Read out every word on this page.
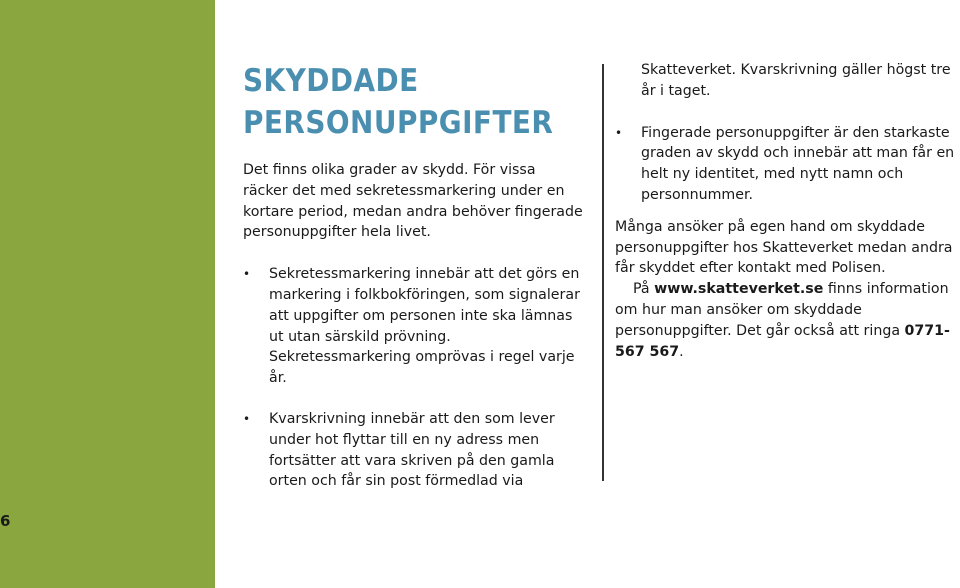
6
SKYDDADE
PERSONUPPGIFTER

Det finns olika grader av skydd. För vissa räcker det med sekretessmarkering under en kortare period, medan andra behöver fingerade personuppgifter hela livet.

• Sekretessmarkering innebär att det görs en markering i folkbokföringen, som signalerar att uppgifter om personen inte ska lämnas ut utan särskild prövning. Sekretessmarkering omprövas i regel varje år.
• Kvarskrivning innebär att den som lever under hot flyttar till en ny adress men fortsätter att vara skriven på den gamla orten och får sin post förmedlad via

Skatteverket. Kvarskrivning gäller högst tre år i taget.

• Fingerade personuppgifter är den starkaste graden av skydd och innebär att man får en helt ny identitet, med nytt namn och personnummer.

Många ansöker på egen hand om skyddade personuppgifter hos Skatteverket medan andra får skyddet efter kontakt med Polisen.

På www.skatteverket.se finns information om hur man ansöker om skyddade personuppgifter. Det går också att ringa 0771-567 567.
